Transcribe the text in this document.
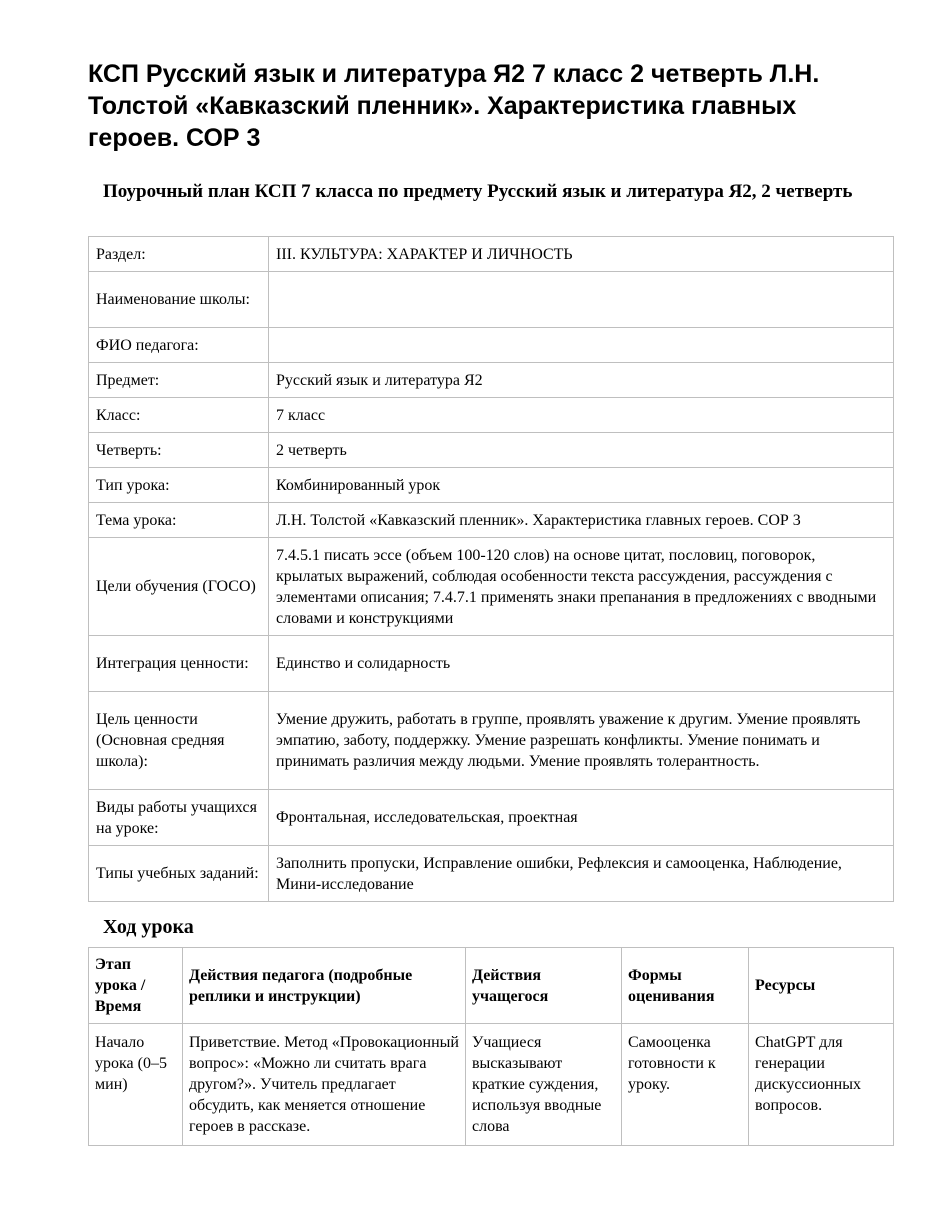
КСП Русский язык и литература Я2 7 класс 2 четверть Л.Н. Толстой «Кавказский пленник». Характеристика главных героев. СОР 3
Поурочный план КСП 7 класса по предмету Русский язык и литература Я2, 2 четверть
Раздел:	III. КУЛЬТУРА: ХАРАКТЕР И ЛИЧНОСТЬ
Наименование школы:	
ФИО педагога:	
Предмет:	Русский язык и литература Я2
Класс:	7 класс
Четверть:	2 четверть
Тип урока:	Комбинированный урок
Тема урока:	Л.Н. Толстой «Кавказский пленник». Характеристика главных героев. СОР 3
Цели обучения (ГОСО)	7.4.5.1 писать эссе (объем 100-120 слов) на основе цитат, пословиц, поговорок, крылатых выражений, соблюдая особенности текста рассуждения, рассуждения с элементами описания; 7.4.7.1 применять знаки препанания в предложениях с вводными словами и конструкциями
Интеграция ценности:	Единство и солидарность
Цель ценности (Основная средняя школа):	Умение дружить, работать в группе, проявлять уважение к другим. Умение проявлять эмпатию, заботу, поддержку. Умение разрешать конфликты. Умение понимать и принимать различия между людьми. Умение проявлять толерантность.
Виды работы учащихся на уроке:	Фронтальная, исследовательская, проектная
Типы учебных заданий:	Заполнить пропуски, Исправление ошибки, Рефлексия и самооценка, Наблюдение, Мини-исследование
Ход урока
Этап урока / Время	Действия педагога (подробные реплики и инструкции)	Действия учащегося	Формы оценивания	Ресурсы
Начало урока (0–5 мин)	Приветствие. Метод «Провокационный вопрос»: «Можно ли считать врага другом?». Учитель предлагает обсудить, как меняется отношение героев в рассказе.	Учащиеся высказывают краткие суждения, используя вводные слова	Самооценка готовности к уроку.	ChatGPT для генерации дискуссионных вопросов.
